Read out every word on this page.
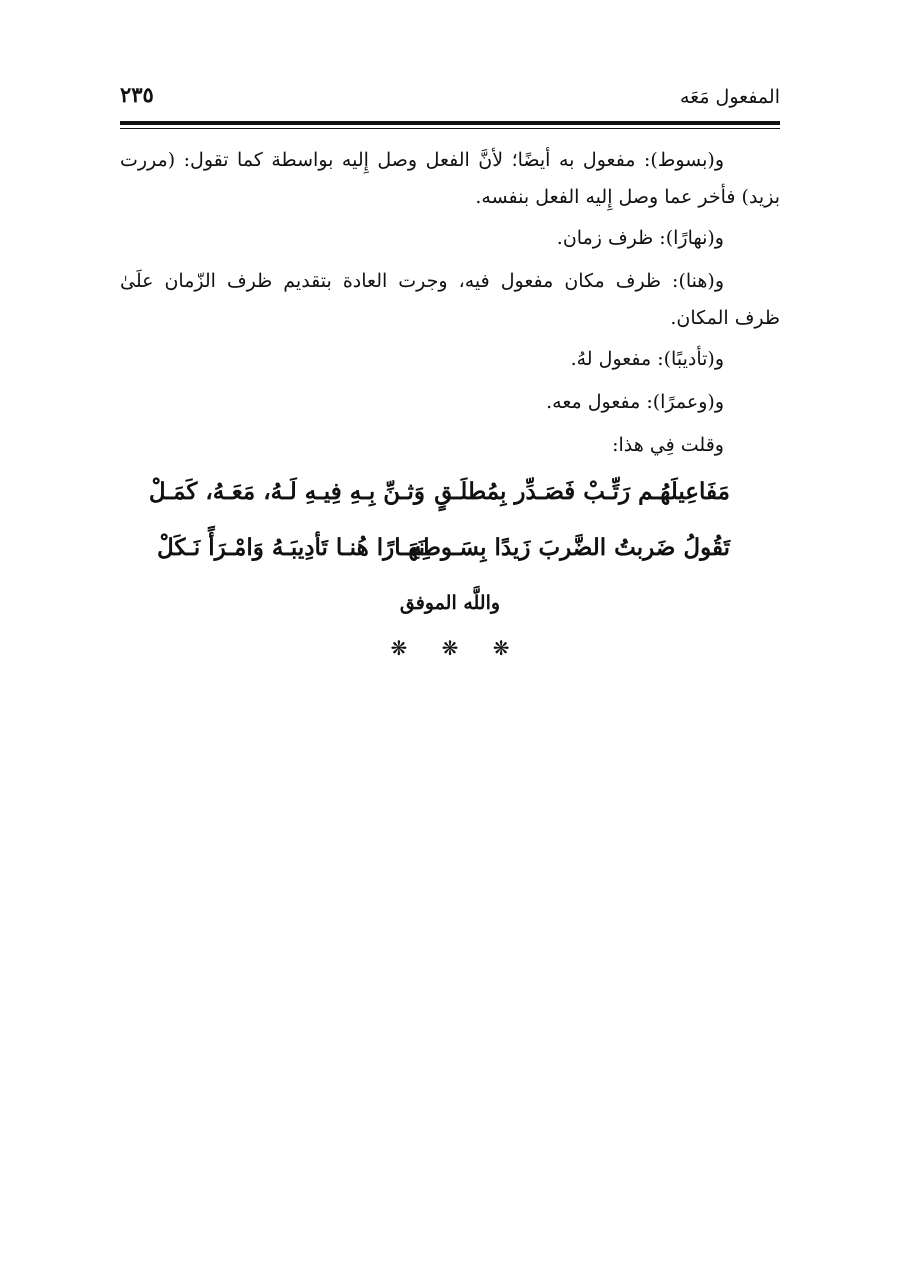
المفعول مَعَه
٢٣٥

و(بسوط): مفعول به أيضًا؛ لأنَّ الفعل وصل إِليه بواسطة كما تقول: (مررت بزيد) فأخر عما وصل إِليه الفعل بنفسه.

و(نهارًا): ظرف زمان.

و(هنا): ظرف مكان مفعول فيه، وجرت العادة بتقديم ظرف الزّمان علَىٰ ظرف المكان.

و(تأديبًا): مفعول لهُ.

و(وعمرًا): مفعول معه.

وقلت فِي هذا:

مَفَاعِيلَهُـم رَتِّـبْ فَصَـدِّر بِمُطلَـقٍ
وَثـنِّ بِـهِ فِيـهِ لَـهُ، مَعَـهُ، كَمَـلْ
تَقُولُ ضَربتُ الضَّربَ زَيدًا بِسَـوطِهِ
نَهَـارًا هُنـا تَأدِيبَـهُ وَامْـرَأً نَـكَلْ
واللَّه الموفق
❋ ❋ ❋
